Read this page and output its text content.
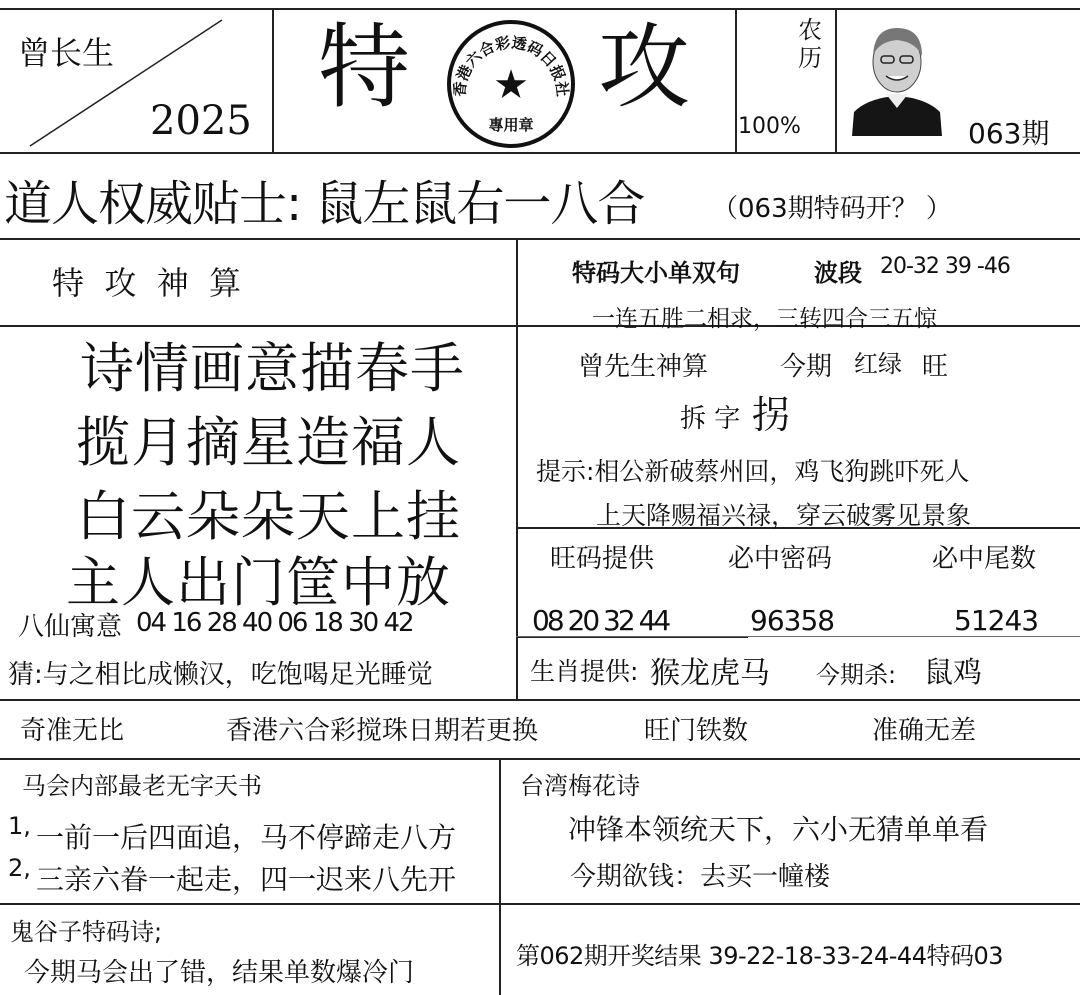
曾长生
2025 特 攻
香港六合彩透码日报社
★
專用章
农历
100%	063期
道人权威贴士: 鼠左鼠右一八合	（063期特码开？ ）
特  攻  神  算
诗情画意描春手
揽月摘星造福人
白云朵朵天上挂
主人出门筐中放
八仙寓意 04 16 28 40 06 18 30 42
猜:与之相比成懒汉，吃饱喝足光睡觉
特码大小单双句	波段 20-32 39 -46
一连五胜二相求，三转四合三五惊
曾先生神算	今期 红绿 旺
拆 字 拐
提示:相公新破蔡州回，鸡飞狗跳吓死人
上天降赐福兴禄，穿云破雾见景象
旺码提供	必中密码	必中尾数
08 20 32 44	96358	51243
生肖提供: 猴龙虎马 今期杀: 鼠鸡
奇准无比	香港六合彩搅珠日期若更换	旺门铁数	准确无差
马会内部最老无字天书
1, 一前一后四面追，马不停蹄走八方
2, 三亲六眷一起走，四一迟来八先开
台湾梅花诗
冲锋本领统天下，六小无猜单单看
今期欲钱：去买一幢楼
鬼谷子特码诗;
今期马会出了错，结果单数爆冷门
第062期开奖结果 39-22-18-33-24-44特码03
